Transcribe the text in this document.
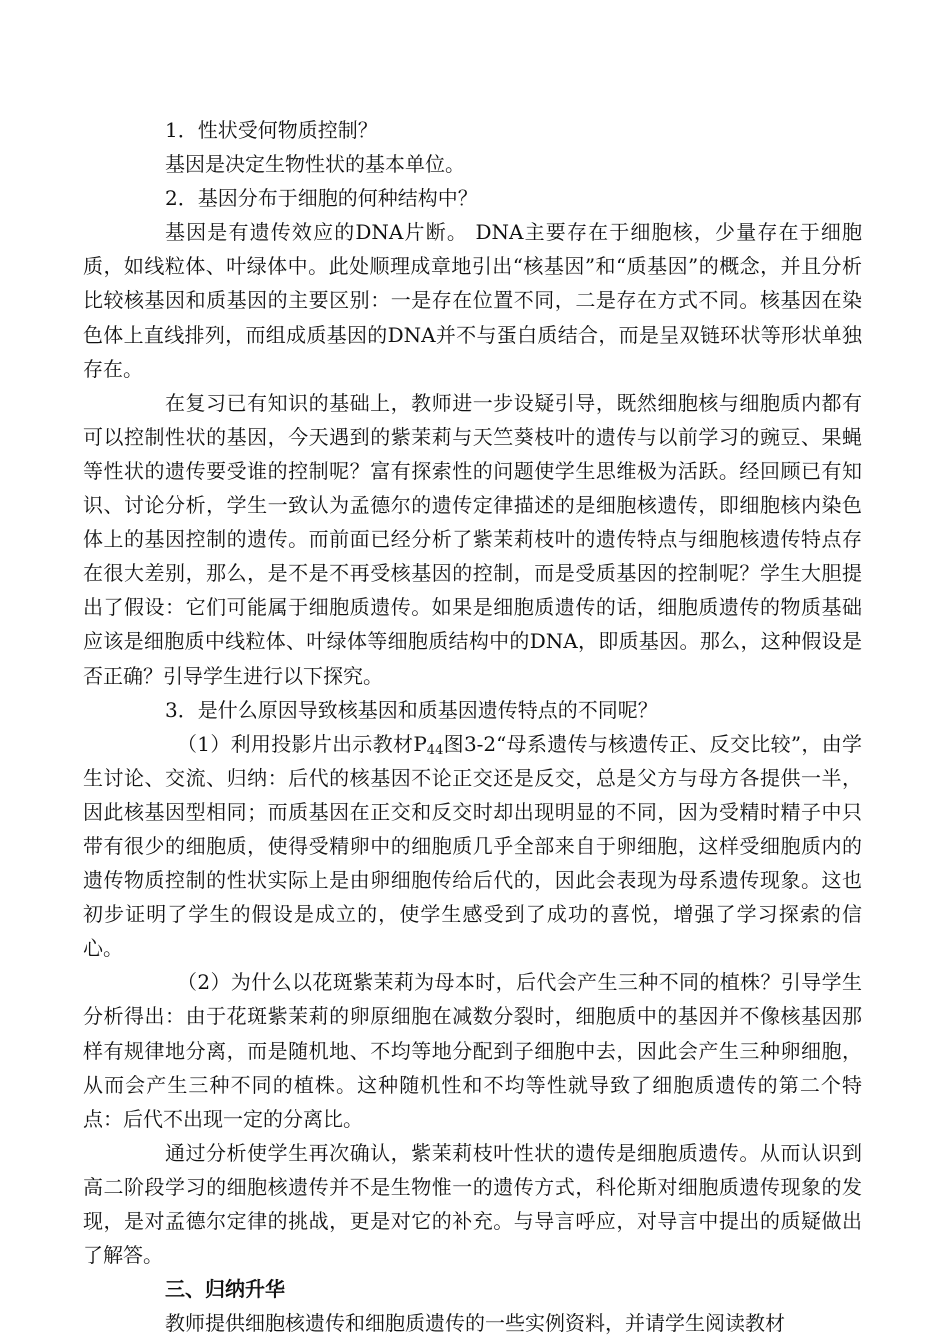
1．性状受何物质控制？

基因是决定生物性状的基本单位。

2．基因分布于细胞的何种结构中？

基因是有遗传效应的DNA片断。 DNA主要存在于细胞核，少量存在于细胞质，如线粒体、叶绿体中。此处顺理成章地引出“核基因”和“质基因”的概念，并且分析比较核基因和质基因的主要区别：一是存在位置不同，二是存在方式不同。核基因在染色体上直线排列，而组成质基因的DNA并不与蛋白质结合，而是呈双链环状等形状单独存在。

在复习已有知识的基础上，教师进一步设疑引导，既然细胞核与细胞质内都有可以控制性状的基因，今天遇到的紫茉莉与天竺葵枝叶的遗传与以前学习的豌豆、果蝇等性状的遗传要受谁的控制呢？富有探索性的问题使学生思维极为活跃。经回顾已有知识、讨论分析，学生一致认为孟德尔的遗传定律描述的是细胞核遗传，即细胞核内染色体上的基因控制的遗传。而前面已经分析了紫茉莉枝叶的遗传特点与细胞核遗传特点存在很大差别，那么，是不是不再受核基因的控制，而是受质基因的控制呢？学生大胆提出了假设：它们可能属于细胞质遗传。如果是细胞质遗传的话，细胞质遗传的物质基础应该是细胞质中线粒体、叶绿体等细胞质结构中的DNA，即质基因。那么，这种假设是否正确？引导学生进行以下探究。

3．是什么原因导致核基因和质基因遗传特点的不同呢？

（1）利用投影片出示教材$P_{44}$图3-2“母系遗传与核遗传正、反交比较”，由学生讨论、交流、归纳：后代的核基因不论正交还是反交，总是父方与母方各提供一半，因此核基因型相同；而质基因在正交和反交时却出现明显的不同，因为受精时精子中只带有很少的细胞质，使得受精卵中的细胞质几乎全部来自于卵细胞，这样受细胞质内的遗传物质控制的性状实际上是由卵细胞传给后代的，因此会表现为母系遗传现象。这也初步证明了学生的假设是成立的，使学生感受到了成功的喜悦，增强了学习探索的信心。

（2）为什么以花斑紫茉莉为母本时，后代会产生三种不同的植株？引导学生分析得出：由于花斑紫茉莉的卵原细胞在减数分裂时，细胞质中的基因并不像核基因那样有规律地分离，而是随机地、不均等地分配到子细胞中去，因此会产生三种卵细胞，从而会产生三种不同的植株。这种随机性和不均等性就导致了细胞质遗传的第二个特点：后代不出现一定的分离比。

通过分析使学生再次确认，紫茉莉枝叶性状的遗传是细胞质遗传。从而认识到高二阶段学习的细胞核遗传并不是生物惟一的遗传方式，科伦斯对细胞质遗传现象的发现，是对孟德尔定律的挑战，更是对它的补充。与导言呼应，对导言中提出的质疑做出了解答。

三、归纳升华

教师提供细胞核遗传和细胞质遗传的一些实例资料，并请学生阅读教材
